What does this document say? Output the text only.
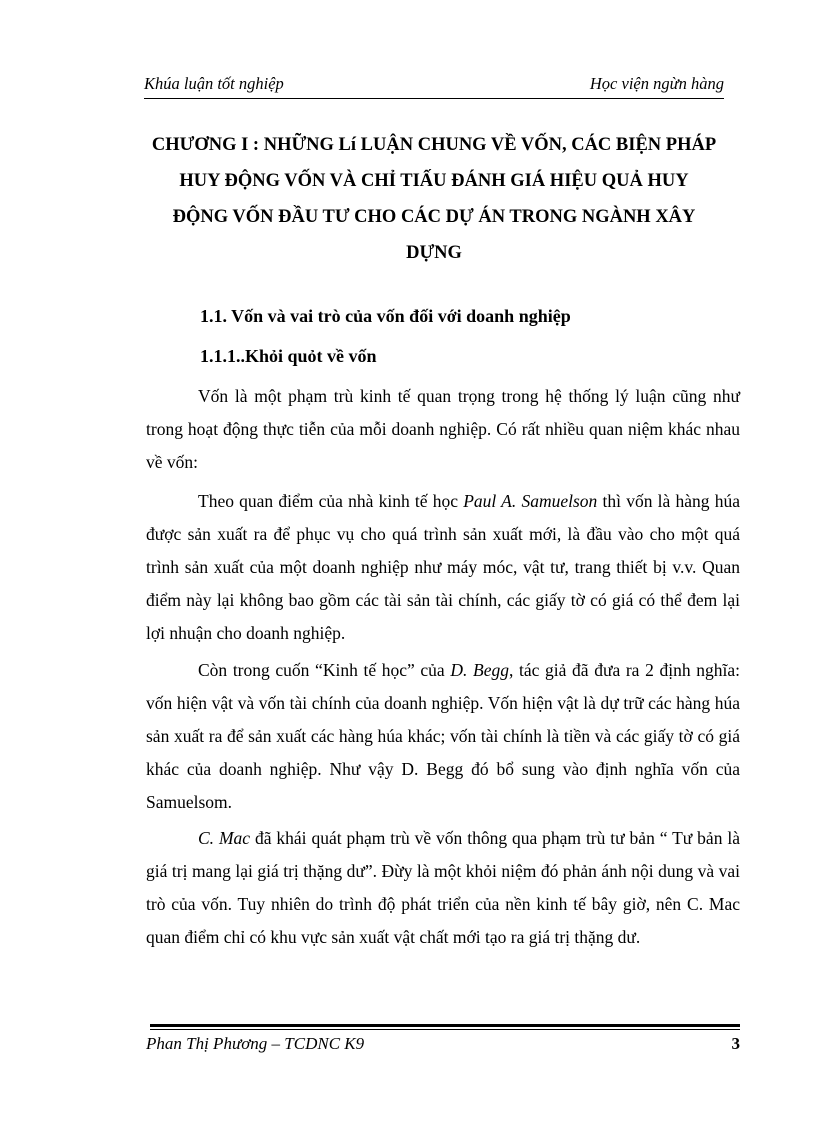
Khúa luận tốt nghiệp	Học viện ngừn hàng
CHƯƠNG I : NHỮNG Lí LUẬN CHUNG VỀ VỐN, CÁC BIỆN PHÁP HUY ĐỘNG VỐN VÀ CHỈ TIẤU ĐÁNH GIÁ HIỆU QUẢ HUY ĐỘNG VỐN ĐẦU TƯ CHO CÁC DỰ ÁN TRONG NGÀNH XÂY DỰNG
1.1. Vốn và vai trò của vốn đối với doanh nghiệp
1.1.1..Khỏi quỏt về vốn

Vốn là một phạm trù kinh tế quan trọng trong hệ thống lý luận cũng như trong hoạt động thực tiễn của mỗi doanh nghiệp. Có rất nhiều quan niệm khác nhau về vốn:

Theo quan điểm của nhà kinh tế học Paul A. Samuelson thì vốn là hàng húa được sản xuất ra để phục vụ cho quá trình sản xuất mới, là đầu vào cho một quá trình sản xuất của một doanh nghiệp như máy móc, vật tư, trang thiết bị v.v. Quan điểm này lại không bao gồm các tài sản tài chính, các giấy tờ có giá có thể đem lại lợi nhuận cho doanh nghiệp.

Còn trong cuốn “Kinh tế học” của D. Begg, tác giả đã đưa ra 2 định nghĩa: vốn hiện vật và vốn tài chính của doanh nghiệp. Vốn hiện vật là dự trữ các hàng húa sản xuất ra để sản xuất các hàng húa khác; vốn tài chính là tiền và các giấy tờ có giá khác của doanh nghiệp. Như vậy D. Begg đó bổ sung vào định nghĩa vốn của Samuelsom.

C. Mac đã khái quát phạm trù về vốn thông qua phạm trù tư bản “ Tư bản là giá trị mang lại giá trị thặng dư”. Đừy là một khỏi niệm đó phản ánh nội dung và vai trò của vốn. Tuy nhiên do trình độ phát triển của nền kinh tế bây giờ, nên C. Mac quan điểm chỉ có khu vực sản xuất vật chất mới tạo ra giá trị thặng dư.

Phan Thị Phương – TCDNC K9	3
